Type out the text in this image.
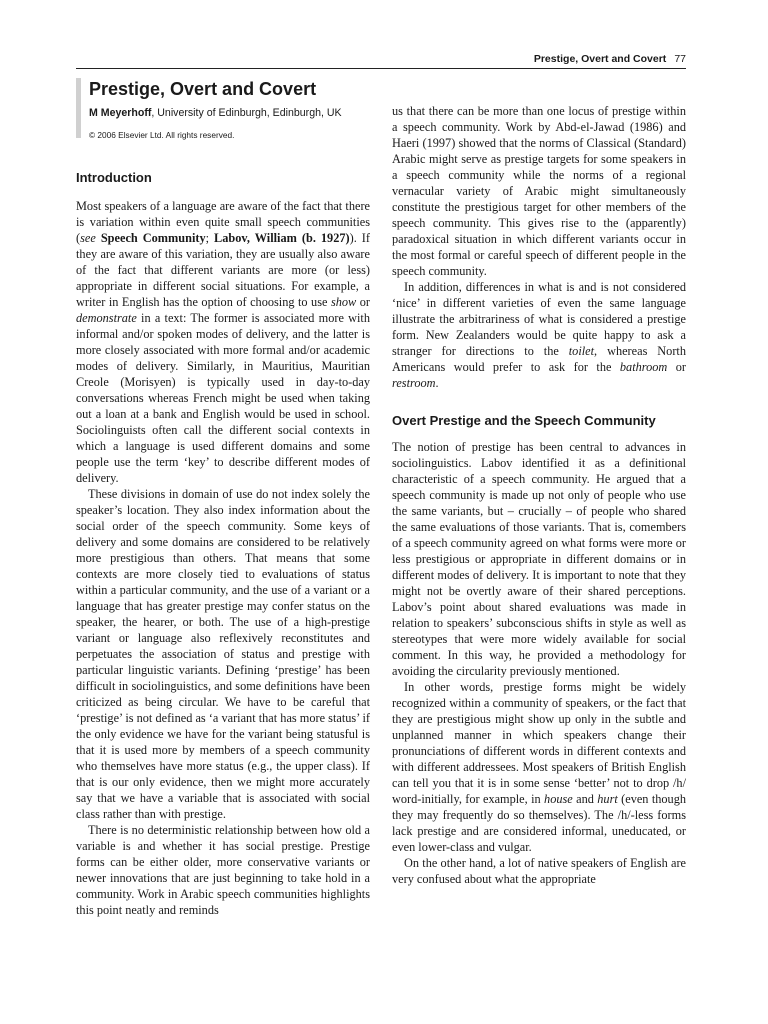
Prestige, Overt and Covert 77
Prestige, Overt and Covert
M Meyerhoff, University of Edinburgh, Edinburgh, UK
© 2006 Elsevier Ltd. All rights reserved.
Introduction

Most speakers of a language are aware of the fact that there is variation within even quite small speech communities (see Speech Community; Labov, William (b. 1927)). If they are aware of this variation, they are usually also aware of the fact that different variants are more (or less) appropriate in different social situations. For example, a writer in English has the option of choosing to use show or demonstrate in a text: The former is associated more with informal and/or spoken modes of delivery, and the latter is more closely associated with more formal and/or academic modes of delivery. Similarly, in Mauritius, Mauritian Creole (Morisyen) is typically used in day-to-day conversations whereas French might be used when taking out a loan at a bank and English would be used in school. Sociolinguists often call the different social contexts in which a language is used different domains and some people use the term ‘key’ to describe different modes of delivery.

These divisions in domain of use do not index solely the speaker’s location. They also index information about the social order of the speech community. Some keys of delivery and some domains are considered to be relatively more prestigious than others. That means that some contexts are more closely tied to evaluations of status within a particular community, and the use of a variant or a language that has greater prestige may confer status on the speaker, the hearer, or both. The use of a high-prestige variant or language also reflexively reconstitutes and perpetuates the association of status and prestige with particular linguistic variants. Defining ‘prestige’ has been difficult in sociolinguistics, and some definitions have been criticized as being circular. We have to be careful that ‘prestige’ is not defined as ‘a variant that has more status’ if the only evidence we have for the variant being statusful is that it is used more by members of a speech community who themselves have more status (e.g., the upper class). If that is our only evidence, then we might more accurately say that we have a variable that is associated with social class rather than with prestige.

There is no deterministic relationship between how old a variable is and whether it has social prestige. Prestige forms can be either older, more conservative variants or newer innovations that are just beginning to take hold in a community. Work in Arabic speech communities highlights this point neatly and reminds

us that there can be more than one locus of prestige within a speech community. Work by Abd-el-Jawad (1986) and Haeri (1997) showed that the norms of Classical (Standard) Arabic might serve as prestige targets for some speakers in a speech community while the norms of a regional vernacular variety of Arabic might simultaneously constitute the prestigious target for other members of the speech community. This gives rise to the (apparently) paradoxical situation in which different variants occur in the most formal or careful speech of different people in the speech community.

In addition, differences in what is and is not considered ‘nice’ in different varieties of even the same language illustrate the arbitrariness of what is considered a prestige form. New Zealanders would be quite happy to ask a stranger for directions to the toilet, whereas North Americans would prefer to ask for the bathroom or restroom.

Overt Prestige and the Speech Community

The notion of prestige has been central to advances in sociolinguistics. Labov identified it as a definitional characteristic of a speech community. He argued that a speech community is made up not only of people who use the same variants, but – crucially – of people who shared the same evaluations of those variants. That is, comembers of a speech community agreed on what forms were more or less prestigious or appropriate in different domains or in different modes of delivery. It is important to note that they might not be overtly aware of their shared perceptions. Labov’s point about shared evaluations was made in relation to speakers’ subconscious shifts in style as well as stereotypes that were more widely available for social comment. In this way, he provided a methodology for avoiding the circularity previously mentioned.

In other words, prestige forms might be widely recognized within a community of speakers, or the fact that they are prestigious might show up only in the subtle and unplanned manner in which speakers change their pronunciations of different words in different contexts and with different addressees. Most speakers of British English can tell you that it is in some sense ‘better’ not to drop /h/ word-initially, for example, in house and hurt (even though they may frequently do so themselves). The /h/-less forms lack prestige and are considered informal, uneducated, or even lower-class and vulgar.

On the other hand, a lot of native speakers of English are very confused about what the appropriate
